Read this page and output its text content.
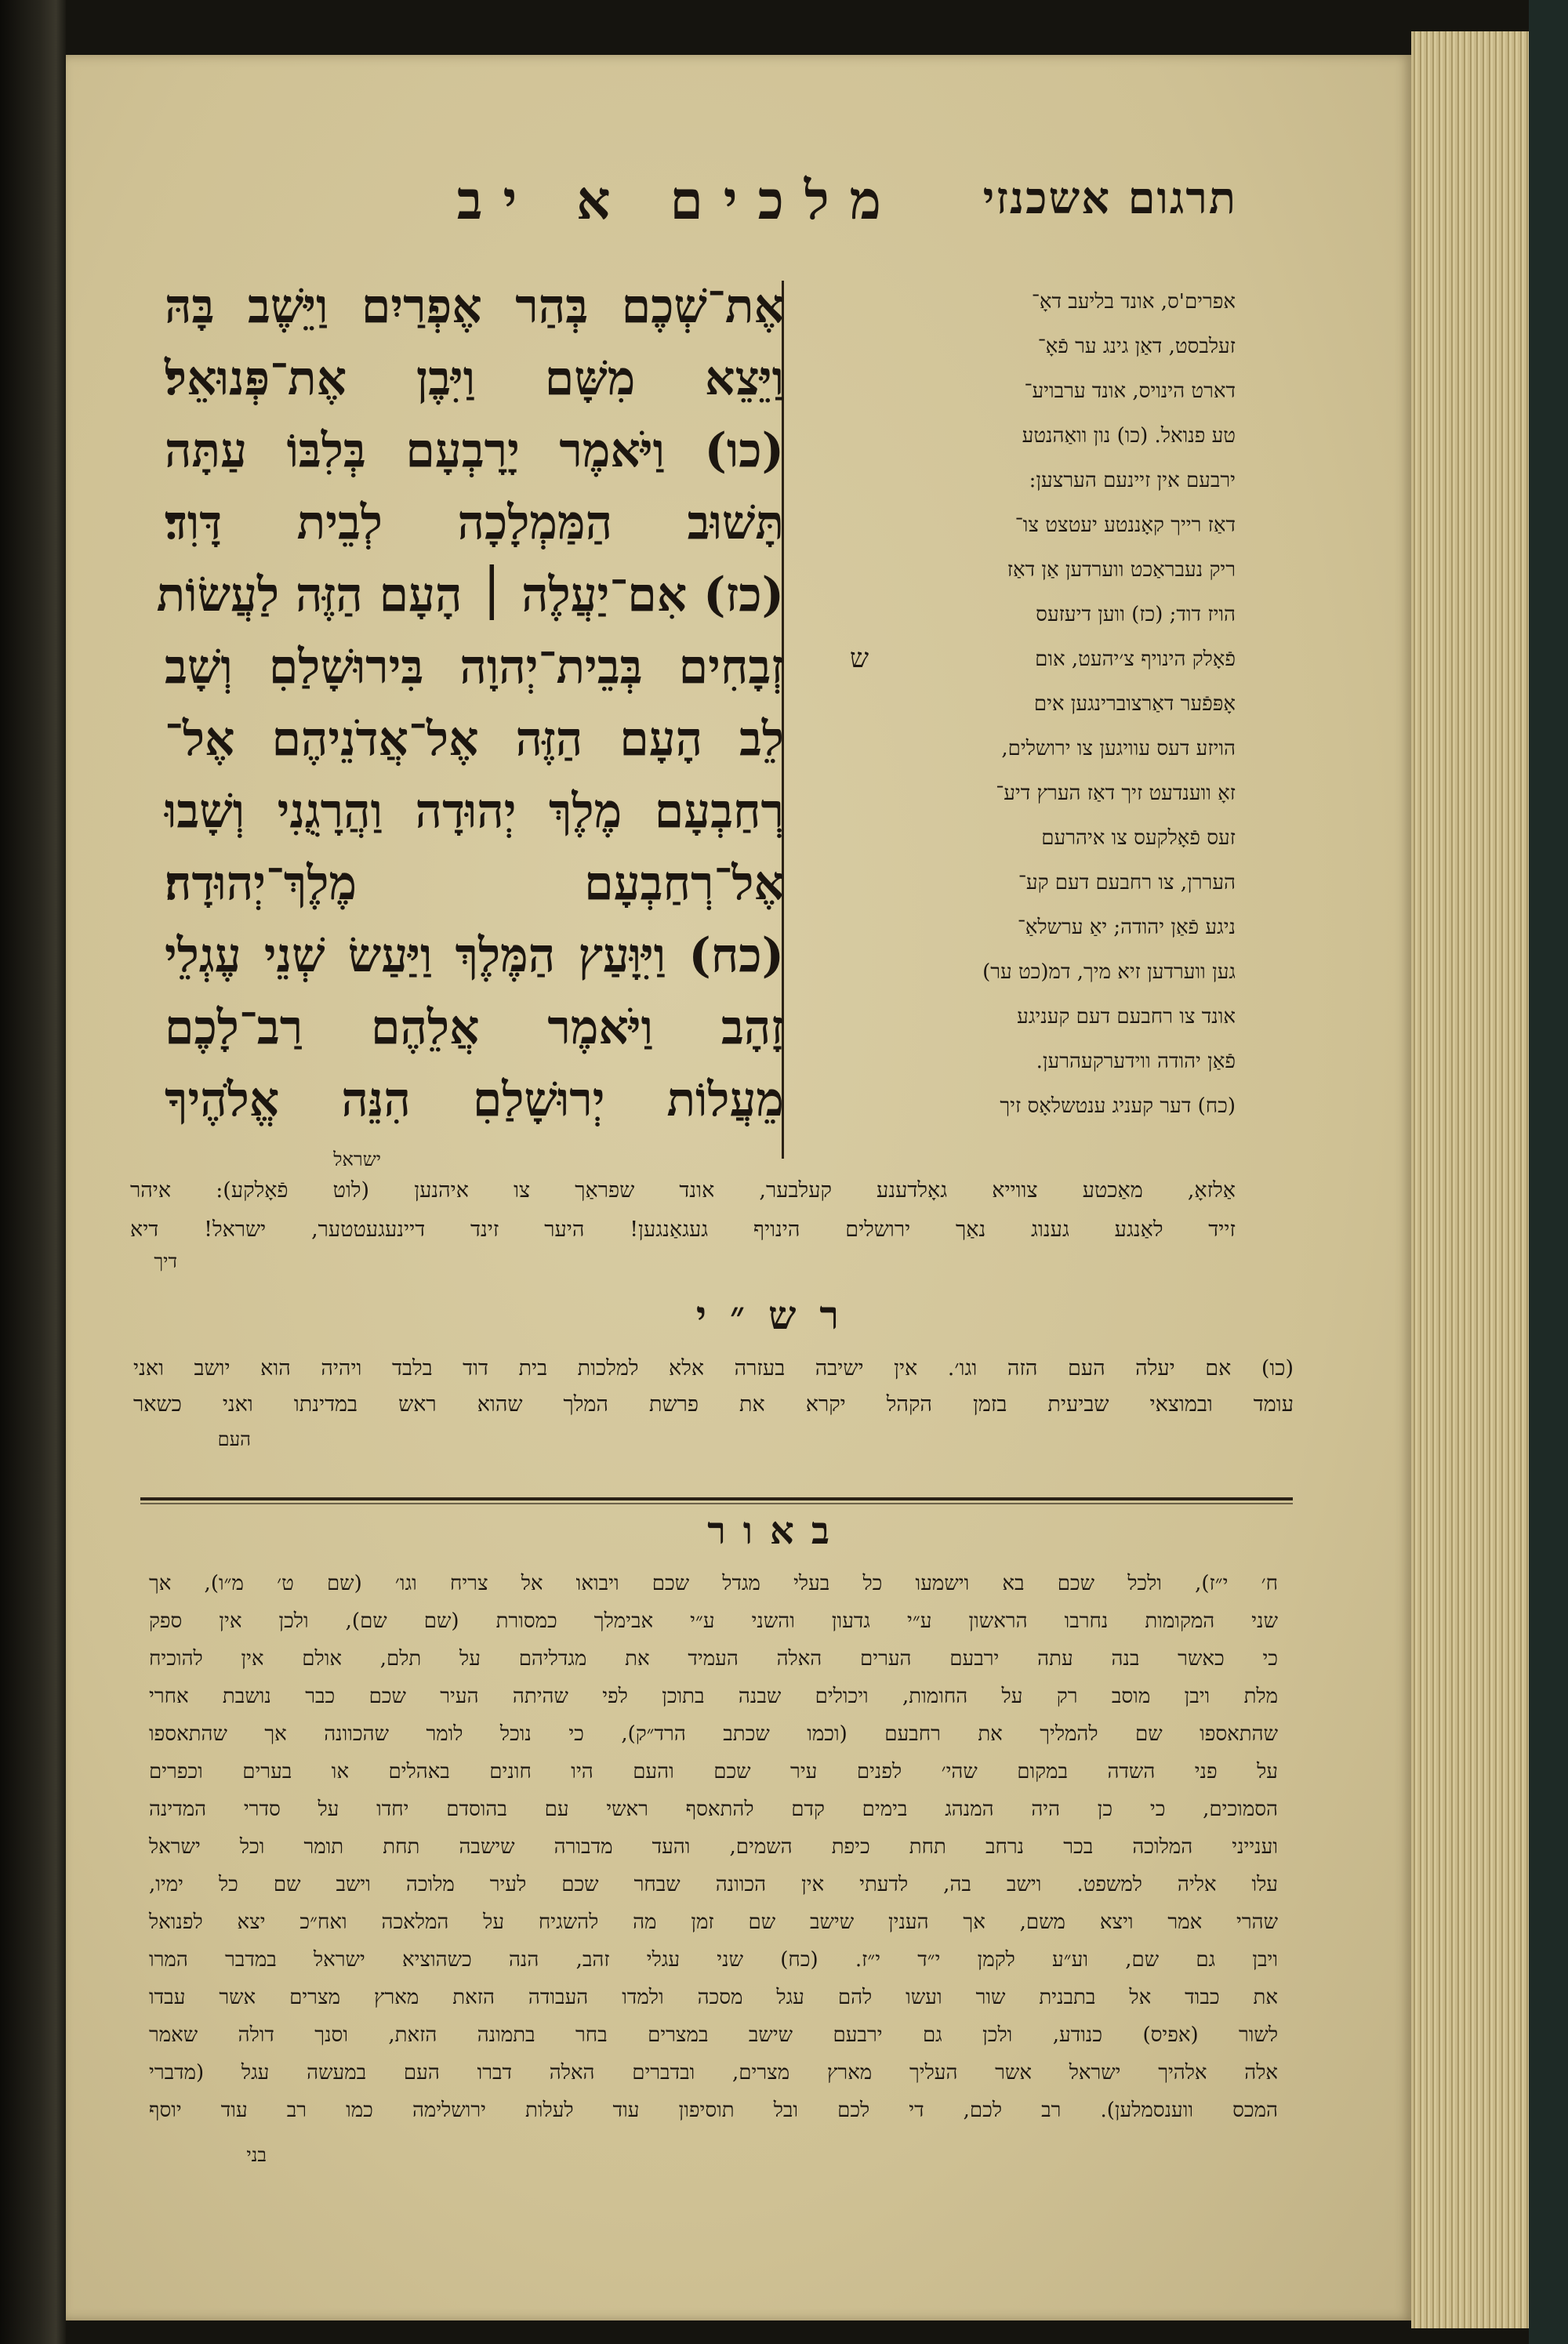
תרגום אשכנזי
מלכים א יב
אפרים'ס, אונד בליעב דאָ־
זעלבסט, דאַן גינג ער פֿאָ־
דארט הינויס, אונד ערבויע־
טע פנואל. (כו) נון וואַהנטע
ירבעם אין זיינעם הערצען:
דאַז רייך קאָננטע יעטצט צו־
ריק נעבראַכט ווערדען אַן דאַז
הויז דוד; (כז) ווען דיעזעס
פֿאָלק הינויף צ׳יהעט, אום
אָפּפֿער דאַרצוברינגען אים
הויזע דעס עוויגען צו ירושלים,
זאָ ווענדעט זיך דאַז הערץ דיע־
זעס פֿאָלקעס צו איהרעם
העררן, צו רחבעם דעם קע־
ניגע פֿאַן יהודה; יאַ ערשלאַ־
גען ווערדען זיא מיך, דמ(כט ער)
אונד צו רחבעם דעם קעניגע
פֿאַן יהודה ווידערקעהרען.
(כח) דער קעניג ענטשלאָס זיך
ש
אֶת־שְׁכֶם בְּהַר אֶפְרַיִם וַיֵּשֶׁב בָּהּ
וַיֵּצֵא מִשָּׁם וַיִּבֶן אֶת־פְּנוּאֵל׃
(כו) וַיֹּאמֶר יָרָבְעָם בְּלִבּוֹ עַתָּה
תָּשׁוּב הַמַּמְלָכָה לְבֵית דָּוִד׃
(כז) אִם־יַעֲלֶה ׀ הָעָם הַזֶּה לַעֲשׂוֹת
זְבָחִים בְּבֵית־יְהוָה בִּירוּשָׁלַםִ וְשָׁב
לֵב הָעָם הַזֶּה אֶל־אֲדֹנֵיהֶם אֶל־
רְחַבְעָם מֶלֶךְ יְהוּדָה וַהֲרָגֻנִי וְשָׁבוּ
אֶל־רְחַבְעָם מֶלֶךְ־יְהוּדָה׃
(כח) וַיִּוָּעַץ הַמֶּלֶךְ וַיַּעַשׂ שְׁנֵי עֶגְלֵי
זָהָב וַיֹּאמֶר אֲלֵהֶם רַב־לָכֶם
מֵעֲלוֹת יְרוּשָׁלַםִ הִנֵּה אֱלֹהֶיךָ
ישראל
אַלזאָ, מאַכטע צווייא גאָלדענע קעלבער, אונד שפראַך צו איהנען (לוט פֿאָלקע): איהר
זייד לאַנגע גענוג נאַך ירושלים הינויף געגאַנגען! היער זינד דיינעגעטטער, ישראל! דיא
דיך
רש״י
(כו) אם יעלה העם הזה וגו׳. אין ישיבה בעזרה אלא למלכות בית דוד בלבד ויהיה הוא יושב ואני
עומד ובמוצאי שביעית בזמן הקהל יקרא את פרשת המלך שהוא ראש במדינתו ואני כשאר
העם
באור
ח׳ י״ז), ולכל שכם בא וישמעו כל בעלי מגדל שכם ויבואו אל צריח וגו׳ (שם ט׳ מ״ו), אך
שני המקומות נחרבו הראשון ע״י גדעון והשני ע״י אבימלך כמסורת (שם שם), ולכן אין ספק
כי כאשר בנה עתה ירבעם הערים האלה העמיד את מגדליהם על תלם, אולם אין להוכיח
מלת ויבן מוסב רק על החומות, ויכולים שבנה בתוכן לפי שהיתה העיר שכם כבר נושבת אחרי
שהתאספו שם להמליך את רחבעם (וכמו שכתב הרד״ק), כי נוכל לומר שהכוונה אך שהתאספו
על פני השדה במקום שהי׳ לפנים עיר שכם והעם היו חונים באהלים או בערים וכפרים
הסמוכים, כי כן היה המנהג בימים קדם להתאסף ראשי עם בהוסדם יחדו על סדרי המדינה
וענייני המלוכה בכר נרחב תחת כיפת השמים, והעד מדבורה שישבה תחת תומר וכל ישראל
עלו אליה למשפט. וישב בה, לדעתי אין הכוונה שבחר שכם לעיר מלוכה וישב שם כל ימיו,
שהרי אמר ויצא משם, אך הענין שישב שם זמן מה להשגיח על המלאכה ואח״כ יצא לפנואל
ויבן גם שם, וע״ע לקמן י״ד י״ז. (כח) שני עגלי זהב, הנה כשהוציא ישראל במדבר המרו
את כבוד אל בתבנית שור ועשו להם עגל מסכה ולמדו העבודה הזאת מארץ מצרים אשר עבדו
לשור (אפיס) כנודע, ולכן גם ירבעם שישב במצרים בחר בתמונה הזאת, וסנך דולה שאמר
אלה אלהיך ישראל אשר העליך מארץ מצרים, ובדברים האלה דברו העם במעשה עגל (מדברי
המכס ווענסמלען). רב לכם, די לכם ובל תוסיפון עוד לעלות ירושלימה כמו רב עוד יוסף
בני
